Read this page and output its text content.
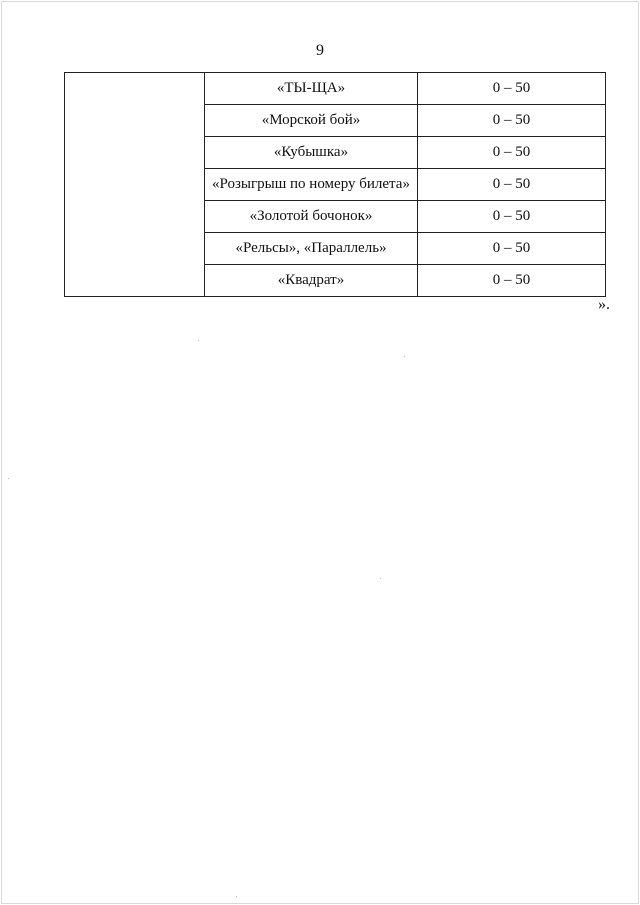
9
	«ТЫ-ЩА»	0 – 50
	«Морской бой»	0 – 50
	«Кубышка»	0 – 50
	«Розыгрыш по номеру билета»	0 – 50
	«Золотой бочонок»	0 – 50
	«Рельсы», «Параллель»	0 – 50
	«Квадрат»	0 – 50
».
